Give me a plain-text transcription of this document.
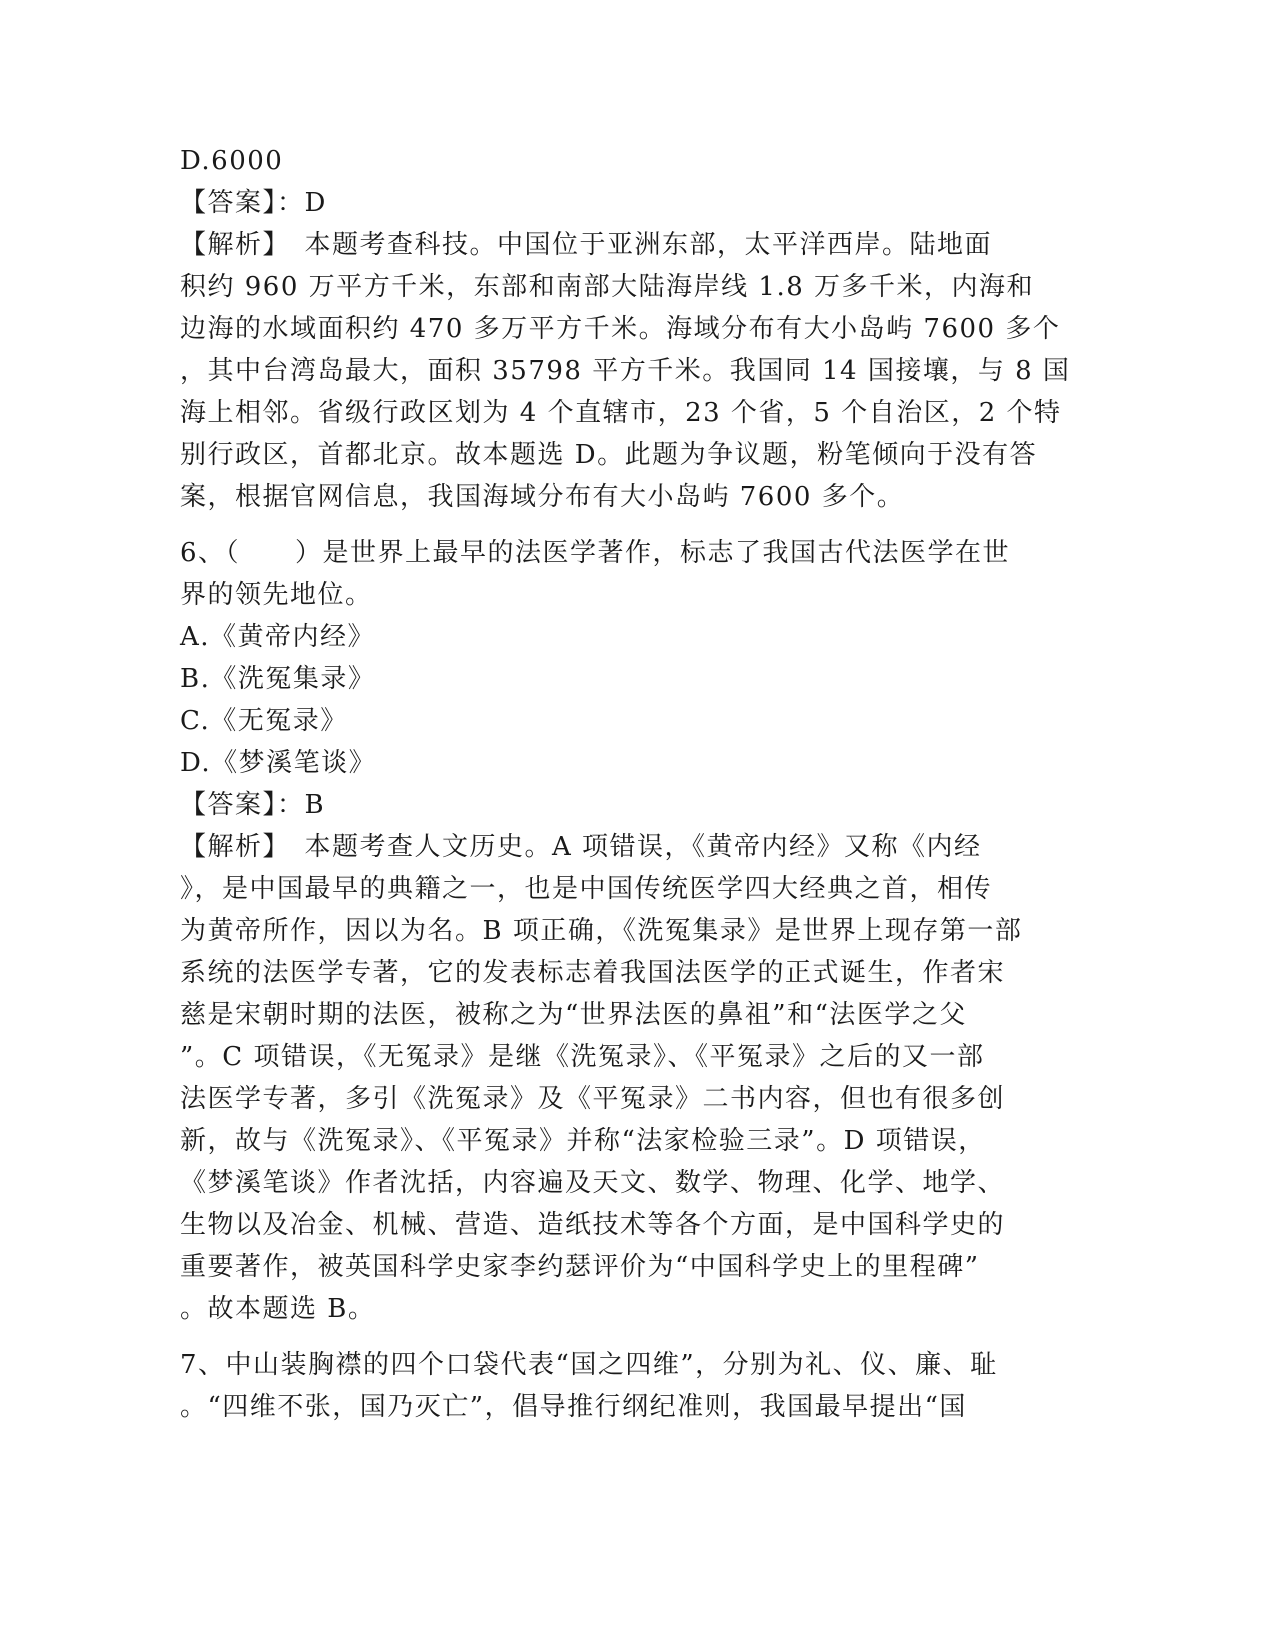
D.6000
【答案】：D
【解析】　本题考查科技。中国位于亚洲东部，太平洋西岸。陆地面
积约 960 万平方千米，东部和南部大陆海岸线 1.8 万多千米，内海和
边海的水域面积约 470 多万平方千米。海域分布有大小岛屿 7600 多个
，其中台湾岛最大，面积 35798 平方千米。我国同 14 国接壤，与 8 国
海上相邻。省级行政区划为 4 个直辖市，23 个省，5 个自治区，2 个特
别行政区，首都北京。故本题选 D。此题为争议题，粉笔倾向于没有答
案，根据官网信息，我国海域分布有大小岛屿 7600 多个。
6、（　　）是世界上最早的法医学著作，标志了我国古代法医学在世
界的领先地位。
A.《黄帝内经》
B.《洗冤集录》
C.《无冤录》
D.《梦溪笔谈》
【答案】：B
【解析】　本题考查人文历史。A 项错误，《黄帝内经》又称《内经
》，是中国最早的典籍之一，也是中国传统医学四大经典之首，相传
为黄帝所作，因以为名。B 项正确，《洗冤集录》是世界上现存第一部
系统的法医学专著，它的发表标志着我国法医学的正式诞生，作者宋
慈是宋朝时期的法医，被称之为“世界法医的鼻祖”和“法医学之父
”。C 项错误，《无冤录》是继《洗冤录》、《平冤录》之后的又一部
法医学专著，多引《洗冤录》及《平冤录》二书内容，但也有很多创
新，故与《洗冤录》、《平冤录》并称“法家检验三录”。D 项错误，
《梦溪笔谈》作者沈括，内容遍及天文、数学、物理、化学、地学、
生物以及冶金、机械、营造、造纸技术等各个方面，是中国科学史的
重要著作，被英国科学史家李约瑟评价为“中国科学史上的里程碑”
。故本题选 B。
7、中山装胸襟的四个口袋代表“国之四维”，分别为礼、仪、廉、耻
。“四维不张，国乃灭亡”，倡导推行纲纪准则，我国最早提出“国
